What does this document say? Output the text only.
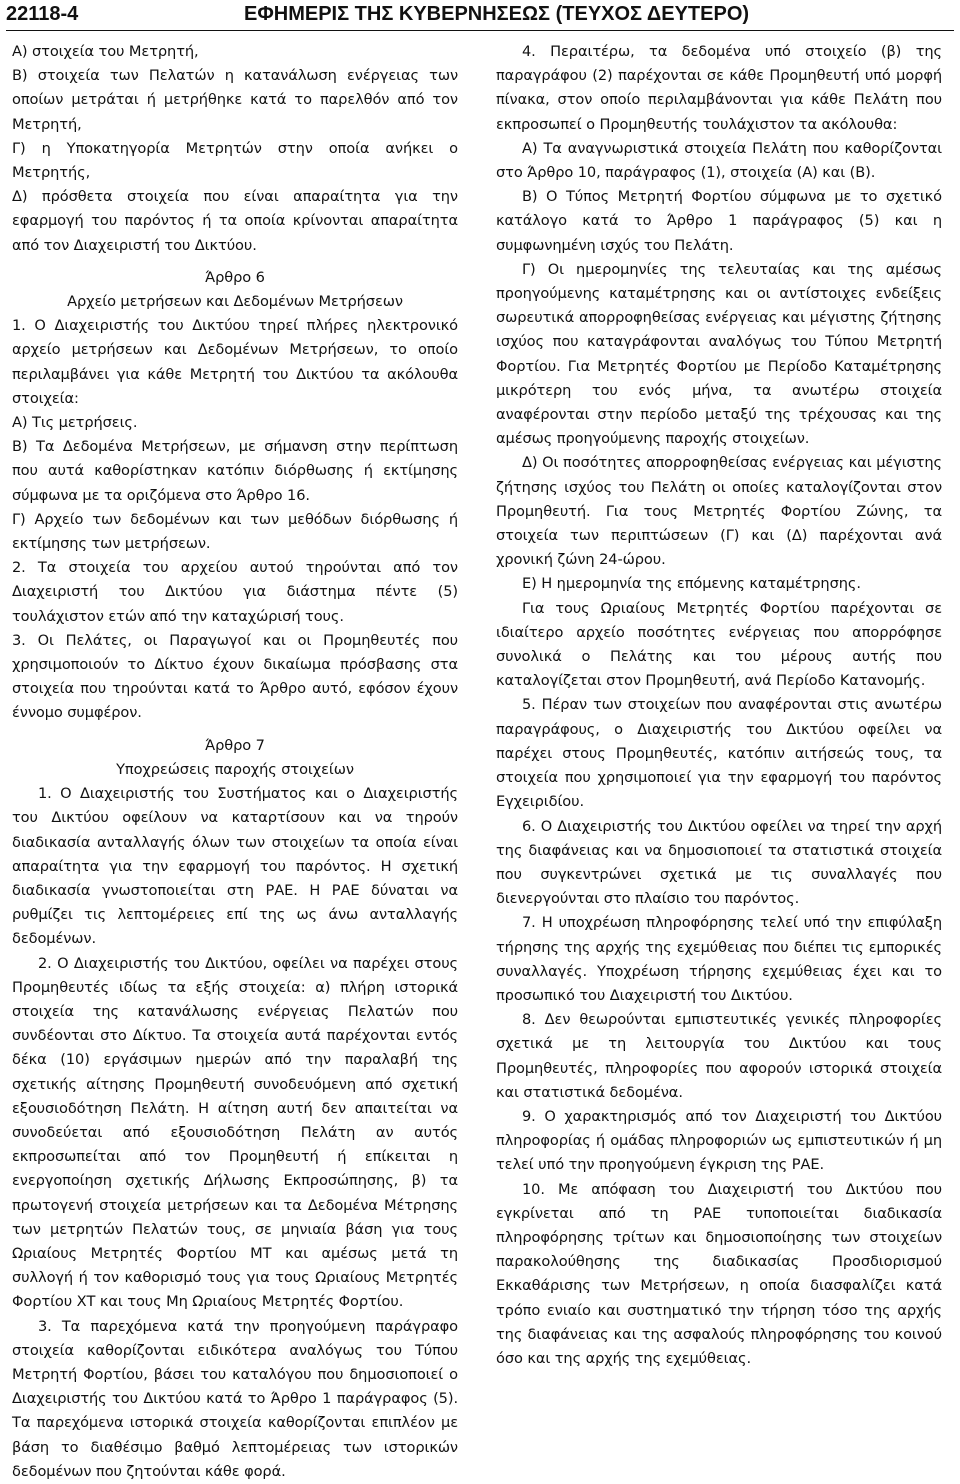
22118-4	ΕΦΗΜΕΡΙΣ ΤΗΣ ΚΥΒΕΡΝΗΣΕΩΣ (ΤΕΥΧΟΣ ΔΕΥΤΕΡΟ)

Α) στοιχεία του Μετρητή,

Β) στοιχεία των Πελατών η κατανάλωση ενέργειας των οποίων μετράται ή μετρήθηκε κατά το παρελθόν από τον Μετρητή,

Γ) η Υποκατηγορία Μετρητών στην οποία ανήκει ο Μετρητής,

Δ) πρόσθετα στοιχεία που είναι απαραίτητα για την εφαρμογή του παρόντος ή τα οποία κρίνονται απαραίτητα από τον Διαχειριστή του Δικτύου.

Άρθρο 6

Αρχείο μετρήσεων και Δεδομένων Μετρήσεων

1. Ο Διαχειριστής του Δικτύου τηρεί πλήρες ηλεκτρονικό αρχείο μετρήσεων και Δεδομένων Μετρήσεων, το οποίο περιλαμβάνει για κάθε Μετρητή του Δικτύου τα ακόλουθα στοιχεία:

Α) Τις μετρήσεις.

Β) Τα Δεδομένα Μετρήσεων, με σήμανση στην περίπτωση που αυτά καθορίστηκαν κατόπιν διόρθωσης ή εκτίμησης σύμφωνα με τα οριζόμενα στο Άρθρο 16.

Γ) Αρχείο των δεδομένων και των μεθόδων διόρθωσης ή εκτίμησης των μετρήσεων.

2. Τα στοιχεία του αρχείου αυτού τηρούνται από τον Διαχειριστή του Δικτύου για διάστημα πέντε (5) τουλάχιστον ετών από την καταχώρισή τους.

3. Οι Πελάτες, οι Παραγωγοί και οι Προμηθευτές που χρησιμοποιούν το Δίκτυο έχουν δικαίωμα πρόσβασης στα στοιχεία που τηρούνται κατά το Άρθρο αυτό, εφόσον έχουν έννομο συμφέρον.

Άρθρο 7

Υποχρεώσεις παροχής στοιχείων

1. Ο Διαχειριστής του Συστήματος και ο Διαχειριστής του Δικτύου οφείλουν να καταρτίσουν και να τηρούν διαδικασία ανταλλαγής όλων των στοιχείων τα οποία είναι απαραίτητα για την εφαρμογή του παρόντος. Η σχετική διαδικασία γνωστοποιείται στη ΡΑΕ. Η ΡΑΕ δύναται να ρυθμίζει τις λεπτομέρειες επί της ως άνω ανταλλαγής δεδομένων.

2. Ο Διαχειριστής του Δικτύου, οφείλει να παρέχει στους Προμηθευτές ιδίως τα εξής στοιχεία: α) πλήρη ιστορικά στοιχεία της κατανάλωσης ενέργειας Πελατών που συνδέονται στο Δίκτυο. Τα στοιχεία αυτά παρέχονται εντός δέκα (10) εργάσιμων ημερών από την παραλαβή της σχετικής αίτησης Προμηθευτή συνοδευόμενη από σχετική εξουσιοδότηση Πελάτη. Η αίτηση αυτή δεν απαιτείται να συνοδεύεται από εξουσιοδότηση Πελάτη αν αυτός εκπροσωπείται από τον Προμηθευτή ή επίκειται η ενεργοποίηση σχετικής Δήλωσης Εκπροσώπησης, β) τα πρωτογενή στοιχεία μετρήσεων και τα Δεδομένα Μέτρησης των μετρητών Πελατών τους, σε μηνιαία βάση για τους Ωριαίους Μετρητές Φορτίου ΜΤ και αμέσως μετά τη συλλογή ή τον καθορισμό τους για τους Ωριαίους Μετρητές Φορτίου ΧΤ και τους Μη Ωριαίους Μετρητές Φορτίου.

3. Τα παρεχόμενα κατά την προηγούμενη παράγραφο στοιχεία καθορίζονται ειδικότερα αναλόγως του Τύπου Μετρητή Φορτίου, βάσει του καταλόγου που δημοσιοποιεί ο Διαχειριστής του Δικτύου κατά το Άρθρο 1 παράγραφος (5). Τα παρεχόμενα ιστορικά στοιχεία καθορίζονται επιπλέον με βάση το διαθέσιμο βαθμό λεπτομέρειας των ιστορικών δεδομένων που ζητούνται κάθε φορά.

4. Περαιτέρω, τα δεδομένα υπό στοιχείο (β) της παραγράφου (2) παρέχονται σε κάθε Προμηθευτή υπό μορφή πίνακα, στον οποίο περιλαμβάνονται για κάθε Πελάτη που εκπροσωπεί ο Προμηθευτής τουλάχιστον τα ακόλουθα:

Α) Τα αναγνωριστικά στοιχεία Πελάτη που καθορίζονται στο Άρθρο 10, παράγραφος (1), στοιχεία (Α) και (Β).

Β) Ο Τύπος Μετρητή Φορτίου σύμφωνα με το σχετικό κατάλογο κατά το Άρθρο 1 παράγραφος (5) και η συμφωνημένη ισχύς του Πελάτη.

Γ) Οι ημερομηνίες της τελευταίας και της αμέσως προηγούμενης καταμέτρησης και οι αντίστοιχες ενδείξεις σωρευτικά απορροφηθείσας ενέργειας και μέγιστης ζήτησης ισχύος που καταγράφονται αναλόγως του Τύπου Μετρητή Φορτίου. Για Μετρητές Φορτίου με Περίοδο Καταμέτρησης μικρότερη του ενός μήνα, τα ανωτέρω στοιχεία αναφέρονται στην περίοδο μεταξύ της τρέχουσας και της αμέσως προηγούμενης παροχής στοιχείων.

Δ) Οι ποσότητες απορροφηθείσας ενέργειας και μέγιστης ζήτησης ισχύος του Πελάτη οι οποίες καταλογίζονται στον Προμηθευτή. Για τους Μετρητές Φορτίου Ζώνης, τα στοιχεία των περιπτώσεων (Γ) και (Δ) παρέχονται ανά χρονική ζώνη 24-ώρου.

Ε) Η ημερομηνία της επόμενης καταμέτρησης.

Για τους Ωριαίους Μετρητές Φορτίου παρέχονται σε ιδιαίτερο αρχείο ποσότητες ενέργειας που απορρόφησε συνολικά ο Πελάτης και του μέρους αυτής που καταλογίζεται στον Προμηθευτή, ανά Περίοδο Κατανομής.

5. Πέραν των στοιχείων που αναφέρονται στις ανωτέρω παραγράφους, ο Διαχειριστής του Δικτύου οφείλει να παρέχει στους Προμηθευτές, κατόπιν αιτήσεώς τους, τα στοιχεία που χρησιμοποιεί για την εφαρμογή του παρόντος Εγχειριδίου.

6. Ο Διαχειριστής του Δικτύου οφείλει να τηρεί την αρχή της διαφάνειας και να δημοσιοποιεί τα στατιστικά στοιχεία που συγκεντρώνει σχετικά με τις συναλλαγές που διενεργούνται στο πλαίσιο του παρόντος.

7. Η υποχρέωση πληροφόρησης τελεί υπό την επιφύλαξη τήρησης της αρχής της εχεμύθειας που διέπει τις εμπορικές συναλλαγές. Υποχρέωση τήρησης εχεμύθειας έχει και το προσωπικό του Διαχειριστή του Δικτύου.

8. Δεν θεωρούνται εμπιστευτικές γενικές πληροφορίες σχετικά με τη λειτουργία του Δικτύου και τους Προμηθευτές, πληροφορίες που αφορούν ιστορικά στοιχεία και στατιστικά δεδομένα.

9. Ο χαρακτηρισμός από τον Διαχειριστή του Δικτύου πληροφορίας ή ομάδας πληροφοριών ως εμπιστευτικών ή μη τελεί υπό την προηγούμενη έγκριση της ΡΑΕ.

10. Με απόφαση του Διαχειριστή του Δικτύου που εγκρίνεται από τη ΡΑΕ τυποποιείται διαδικασία πληροφόρησης τρίτων και δημοσιοποίησης των στοιχείων παρακολούθησης της διαδικασίας Προσδιορισμού Εκκαθάρισης των Μετρήσεων, η οποία διασφαλίζει κατά τρόπο ενιαίο και συστηματικό την τήρηση τόσο της αρχής της διαφάνειας και της ασφαλούς πληροφόρησης του κοινού όσο και της αρχής της εχεμύθειας.
